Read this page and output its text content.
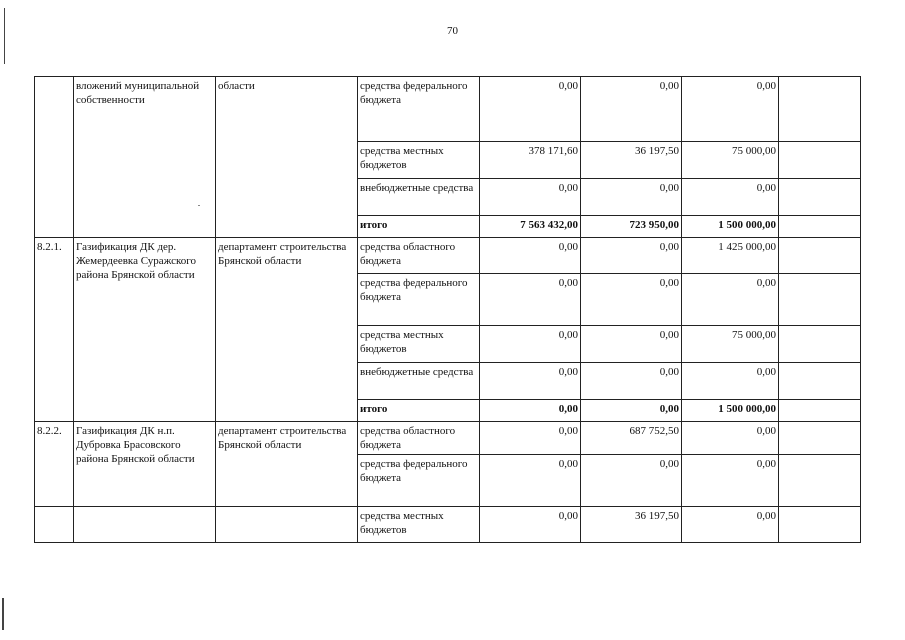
70
	вложений муниципальной собственности	области	средства федерального бюджета	0,00	0,00	0,00	
			средства местных бюджетов	378 171,60	36 197,50	75 000,00	
			внебюджетные средства	0,00	0,00	0,00	
			итого	7 563 432,00	723 950,00	1 500 000,00	
8.2.1.	Газификация ДК дер. Жемердеевка Суражского района Брянской области	департамент строительства Брянской области	средства областного бюджета	0,00	0,00	1 425 000,00	
			средства федерального бюджета	0,00	0,00	0,00	
			средства местных бюджетов	0,00	0,00	75 000,00	
			внебюджетные средства	0,00	0,00	0,00	
			итого	0,00	0,00	1 500 000,00	
8.2.2.	Газификация ДК н.п. Дубровка Брасовского района Брянской области	департамент строительства Брянской области	средства областного бюджета	0,00	687 752,50	0,00	
			средства федерального бюджета	0,00	0,00	0,00	
			средства местных бюджетов	0,00	36 197,50	0,00	
